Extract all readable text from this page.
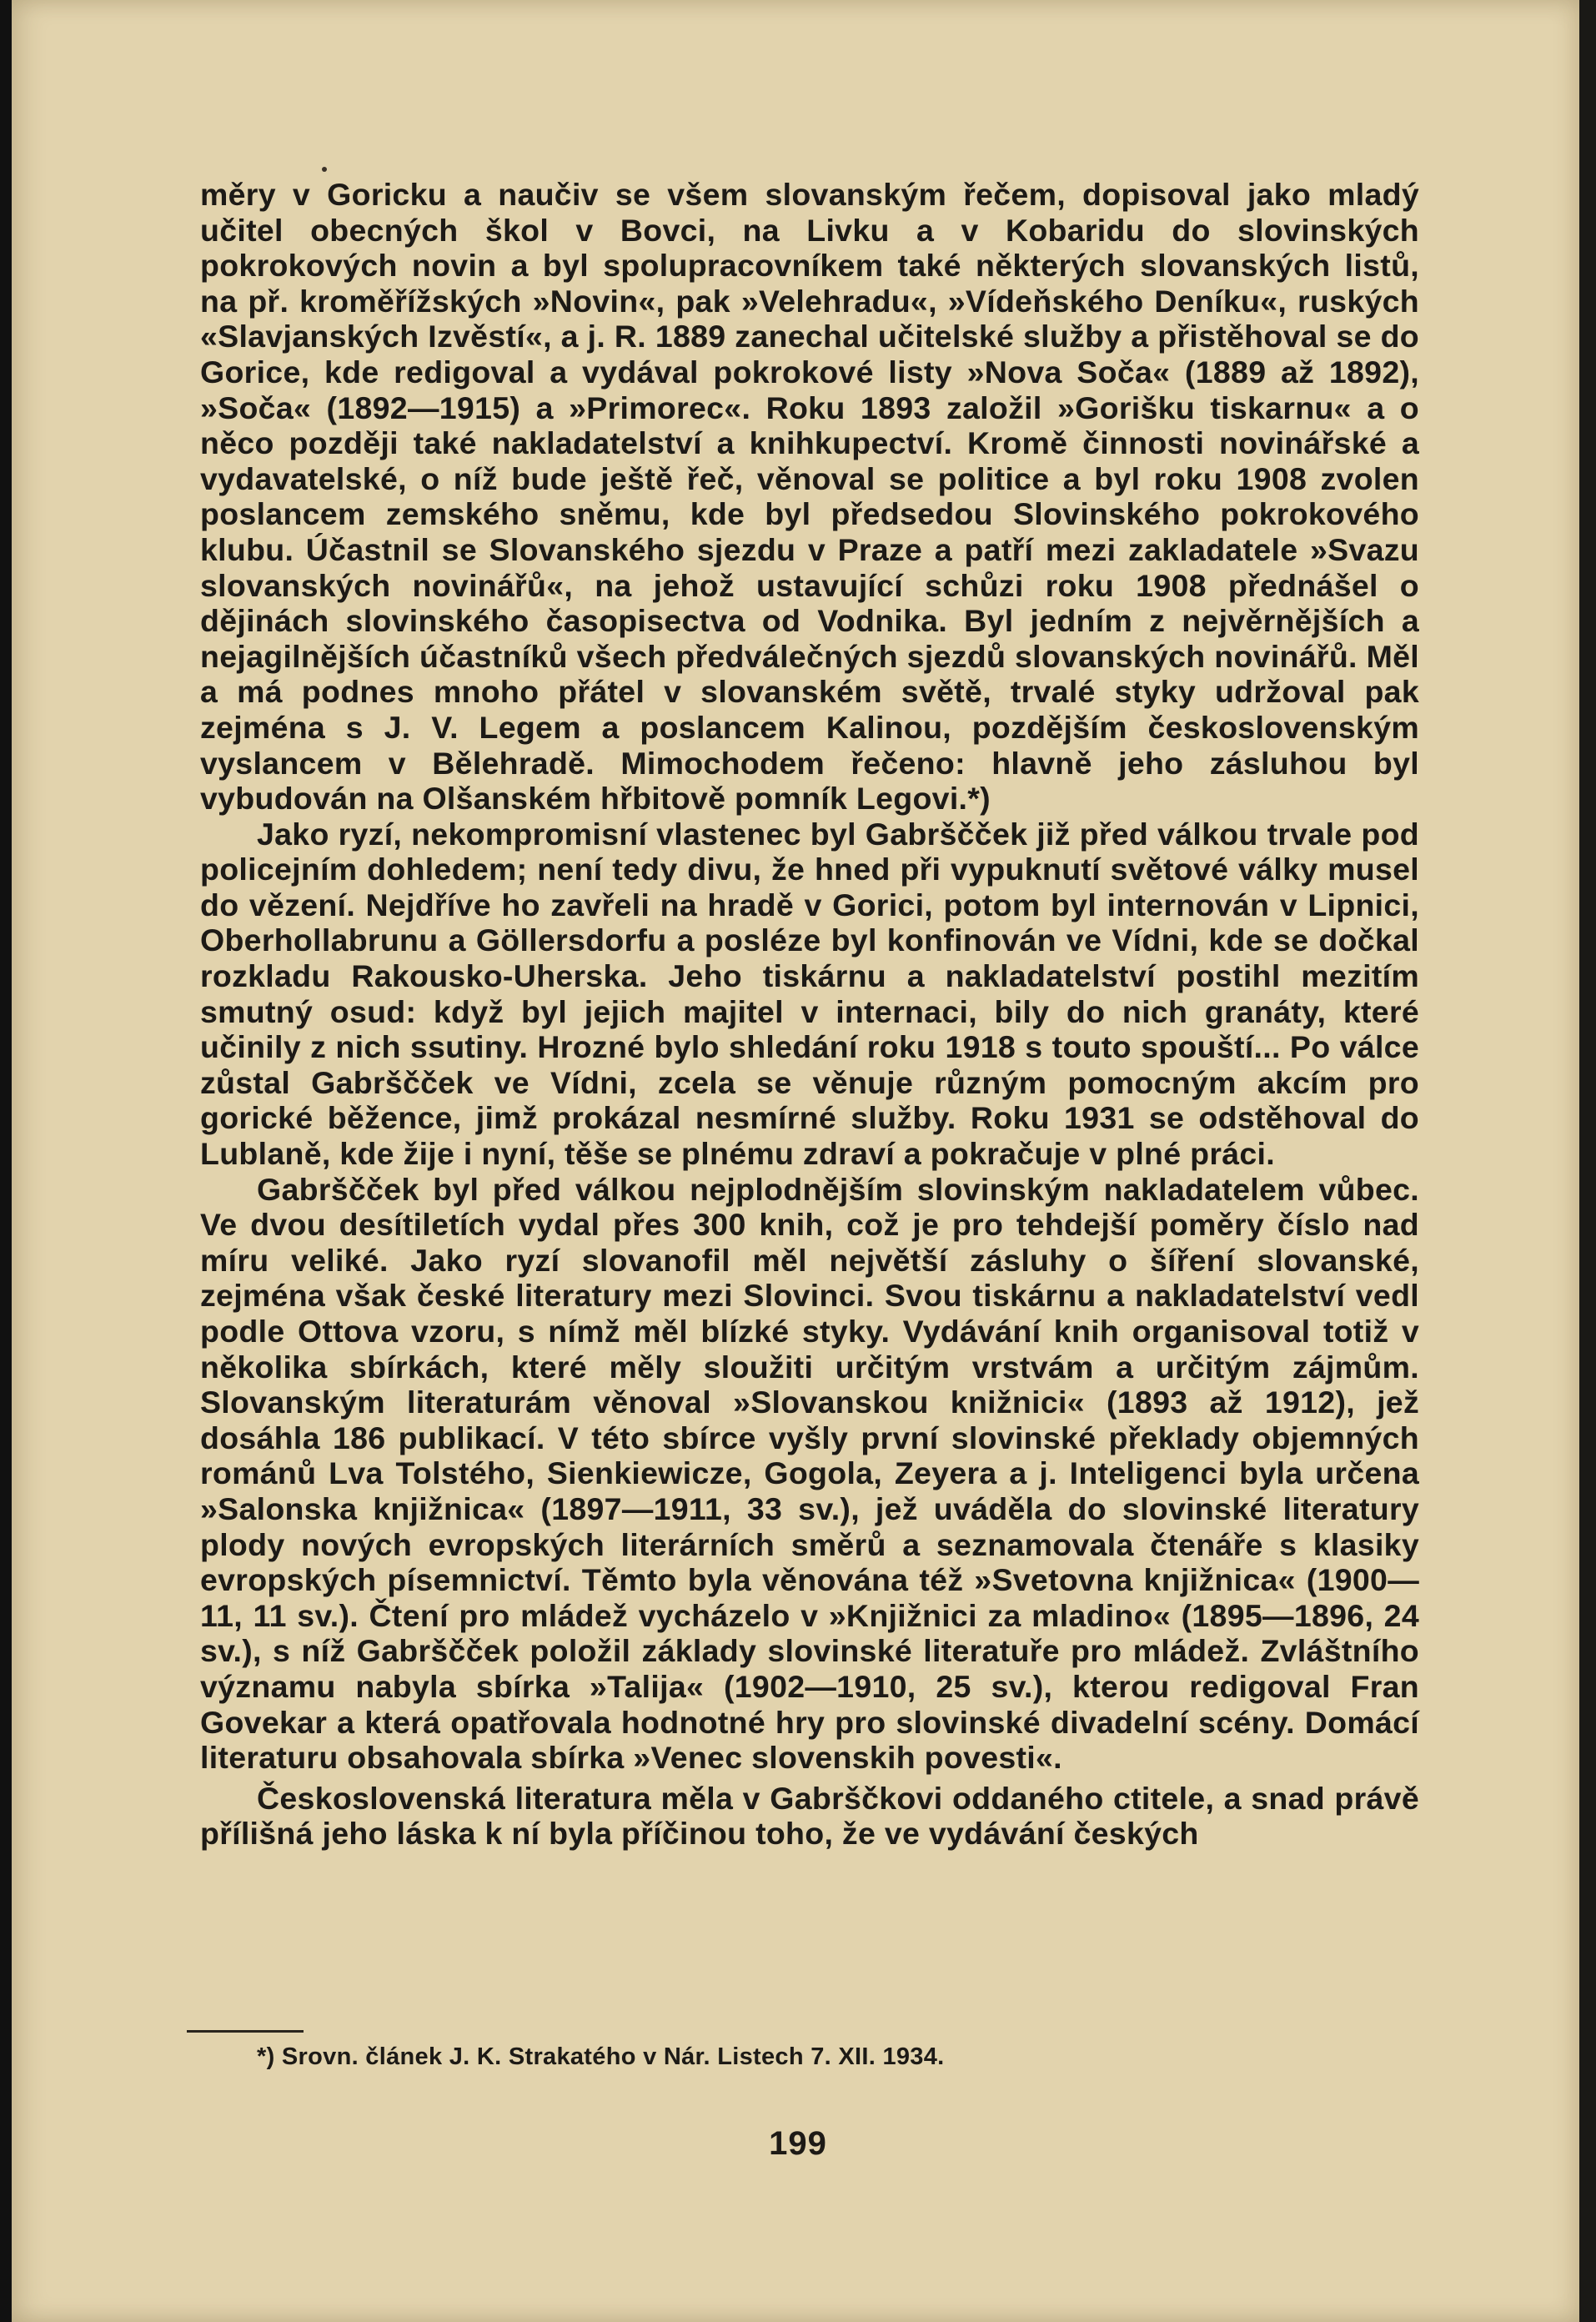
měry v Goricku a naučiv se všem slovanským řečem, dopisoval jako mladý učitel obecných škol v Bovci, na Livku a v Kobaridu do slovinských pokrokových novin a byl spolupracovníkem také některých slovanských listů, na př. kroměřížských »Novin«, pak »Velehradu«, »Vídeňského Deníku«, ruských «Slavjanských Izvěstí«, a j. R. 1889 zanechal učitelské služby a přistěhoval se do Gorice, kde redigoval a vydával pokrokové listy »Nova Soča« (1889 až 1892), »Soča« (1892—1915) a »Primorec«. Roku 1893 založil »Gorišku tiskarnu« a o něco později také nakladatelství a knihkupectví. Kromě činnosti novinářské a vydavatelské, o níž bude ještě řeč, věnoval se politice a byl roku 1908 zvolen poslancem zemského sněmu, kde byl předsedou Slovinského pokrokového klubu. Účastnil se Slovanského sjezdu v Praze a patří mezi zakladatele »Svazu slovanských novinářů«, na jehož ustavující schůzi roku 1908 přednášel o dějinách slovinského časopisectva od Vodnika. Byl jedním z nejvěrnějších a nejagilnějších účastníků všech předválečných sjezdů slovanských novinářů. Měl a má podnes mnoho přátel v slovanském světě, trvalé styky udržoval pak zejména s J. V. Legem a poslancem Kalinou, pozdějším československým vyslancem v Bělehradě. Mimochodem řečeno: hlavně jeho zásluhou byl vybudován na Olšanském hřbitově pomník Legovi.*)

Jako ryzí, nekompromisní vlastenec byl Gabrščček již před válkou trvale pod policejním dohledem; není tedy divu, že hned při vypuknutí světové války musel do vězení. Nejdříve ho zavřeli na hradě v Gorici, potom byl internován v Lipnici, Oberhollabrunu a Göllersdorfu a posléze byl konfinován ve Vídni, kde se dočkal rozkladu Rakousko-Uherska. Jeho tiskárnu a nakladatelství postihl mezitím smutný osud: když byl jejich majitel v internaci, bily do nich granáty, které učinily z nich ssutiny. Hrozné bylo shledání roku 1918 s touto spouští... Po válce zůstal Gabrščček ve Vídni, zcela se věnuje různým pomocným akcím pro gorické běžence, jimž prokázal nesmírné služby. Roku 1931 se odstěhoval do Lublaně, kde žije i nyní, těše se plnému zdraví a pokračuje v plné práci.

Gabrščček byl před válkou nejplodnějším slovinským nakladatelem vůbec. Ve dvou desítiletích vydal přes 300 knih, což je pro tehdejší poměry číslo nad míru veliké. Jako ryzí slovanofil měl největší zásluhy o šíření slovanské, zejména však české literatury mezi Slovinci. Svou tiskárnu a nakladatelství vedl podle Ottova vzoru, s nímž měl blízké styky. Vydávání knih organisoval totiž v několika sbírkách, které měly sloužiti určitým vrstvám a určitým zájmům. Slovanským literaturám věnoval »Slovanskou knižnici« (1893 až 1912), jež dosáhla 186 publikací. V této sbírce vyšly první slovinské překlady objemných románů Lva Tolstého, Sienkiewicze, Gogola, Zeyera a j. Inteligenci byla určena »Salonska knjižnica« (1897—1911, 33 sv.), jež uváděla do slovinské literatury plody nových evropských literárních směrů a seznamovala čtenáře s klasiky evropských písemnictví. Těmto byla věnována též »Svetovna knjižnica« (1900—11, 11 sv.). Čtení pro mládež vycházelo v »Knjižnici za mladino« (1895—1896, 24 sv.), s níž Gabrščček položil základy slovinské literatuře pro mládež. Zvláštního významu nabyla sbírka »Talija« (1902—1910, 25 sv.), kterou redigoval Fran Govekar a která opatřovala hodnotné hry pro slovinské divadelní scény. Domácí literaturu obsahovala sbírka »Venec slovenskih povesti«.

Československá literatura měla v Gabrščkovi oddaného ctitele, a snad právě přílišná jeho láska k ní byla příčinou toho, že ve vydávání českých

*) Srovn. článek J. K. Strakatého v Nár. Listech 7. XII. 1934.
199
